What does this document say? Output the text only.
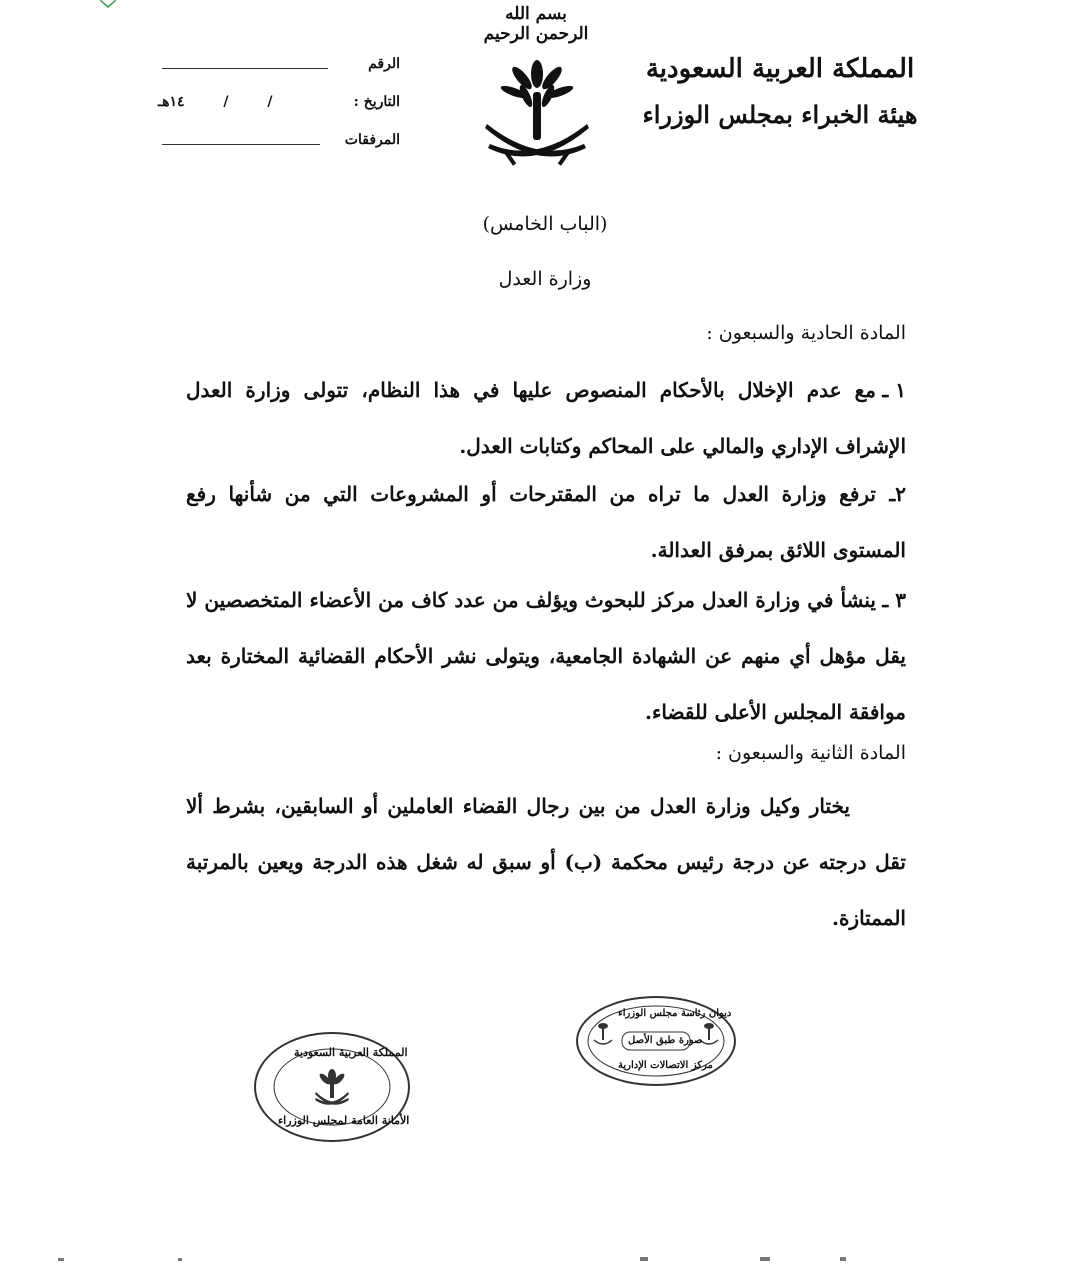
بسم الله الرحمن الرحيم
المملكة العربية السعودية
هيئة الخبراء بمجلس الوزراء
الرقم
التاريخ :
/ / ١٤هـ
المرفقات
(الباب الخامس)
وزارة العدل
المادة الحادية والسبعون :
١ ـمع عدم الإخلال بالأحكام المنصوص عليها في هذا النظام، تتولى وزارة العدل الإشراف الإداري والمالي على المحاكم وكتابات العدل.
٢ـترفع وزارة العدل ما تراه من المقترحات أو المشروعات التي من شأنها رفع المستوى اللائق بمرفق العدالة.
٣ ـينشأ في وزارة العدل مركز للبحوث ويؤلف من عدد كاف من الأعضاء المتخصصين لا يقل مؤهل أي منهم عن الشهادة الجامعية، ويتولى نشر الأحكام القضائية المختارة بعد موافقة المجلس الأعلى للقضاء.
المادة الثانية والسبعون :
يختار وكيل وزارة العدل من بين رجال القضاء العاملين أو السابقين، بشرط ألا تقل درجته عن درجة رئيس محكمة (ب) أو سبق له شغل هذه الدرجة ويعين بالمرتبة الممتازة.
ديوان رئاسة مجلس الوزراء
صورة طبق الأصل
مركز الاتصالات الإدارية
المملكة العربية السعودية
الأمانة العامة لمجلس الوزراء
